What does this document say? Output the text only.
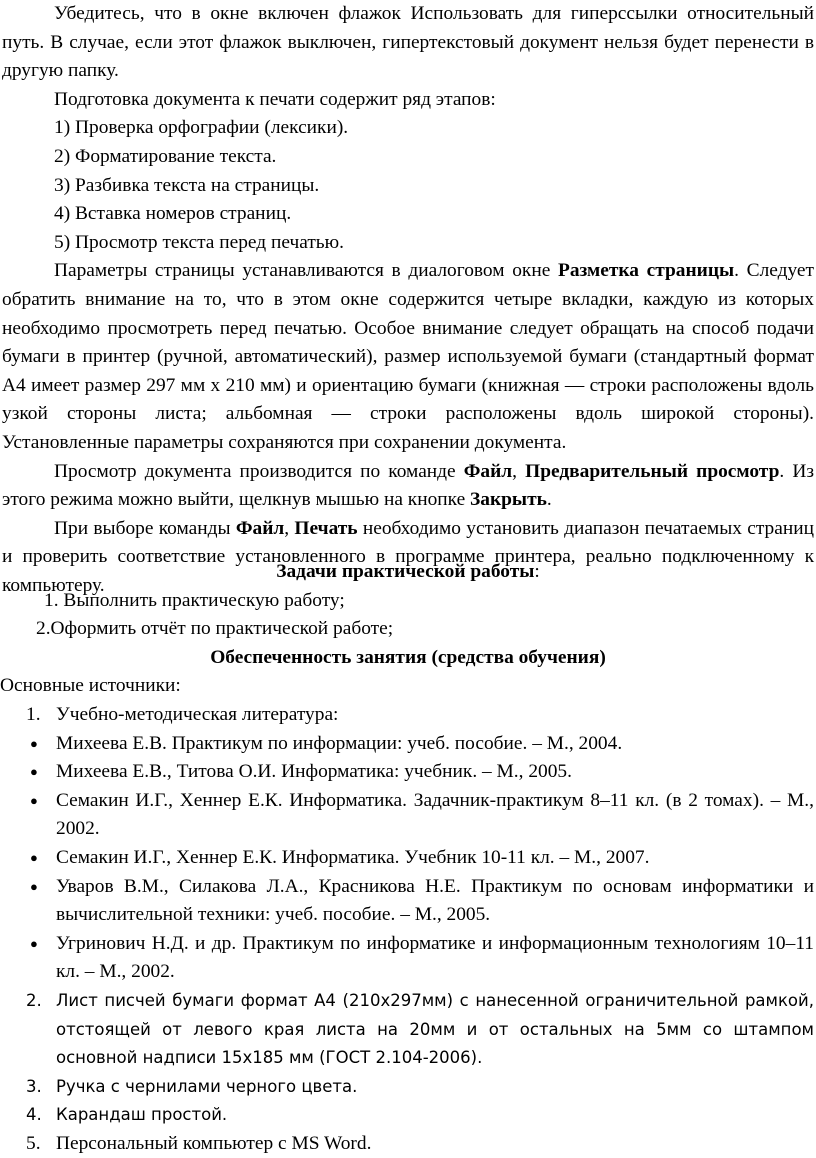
Убедитесь, что в окне включен флажок Использовать для гиперссылки относительный путь. В случае, если этот флажок выключен, гипертекстовый документ нельзя будет перенести в другую папку.

Подготовка документа к печати содержит ряд этапов:

1) Проверка орфографии (лексики).

2) Форматирование текста.

3) Разбивка текста на страницы.

4) Вставка номеров страниц.

5) Просмотр текста перед печатью.

Параметры страницы устанавливаются в диалоговом окне Разметка страницы. Следует обратить внимание на то, что в этом окне содержится четыре вкладки, каждую из которых необходимо просмотреть перед печатью. Особое внимание следует обращать на способ подачи бумаги в принтер (ручной, автоматический), размер используемой бумаги (стандартный формат А4 имеет размер 297 мм х 210 мм) и ориентацию бумаги (книжная — строки расположены вдоль узкой стороны листа; альбомная — строки расположены вдоль широкой стороны). Установленные параметры сохраняются при сохранении документа.

Просмотр документа производится по команде Файл, Предварительный просмотр. Из этого режима можно выйти, щелкнув мышью на кнопке Закрыть.

При выборе команды Файл, Печать необходимо установить диапазон печатаемых страниц и проверить соответствие установленного в программе принтера, реально подключенному к компьютеру.

Задачи практической работы:

1. Выполнить практическую работу;

2.Оформить отчёт по практической работе;

Обеспеченность занятия (средства обучения)

Основные источники:

1. Учебно-методическая литература:
● Михеева Е.В. Практикум по информации: учеб. пособие. – М., 2004.
● Михеева Е.В., Титова О.И. Информатика: учебник. – М., 2005.
● Семакин И.Г., Хеннер Е.К. Информатика. Задачник-практикум 8–11 кл. (в 2 томах). – М., 2002.
● Семакин И.Г., Хеннер Е.К. Информатика. Учебник 10-11 кл. – М., 2007.
● Уваров В.М., Силакова Л.А., Красникова Н.Е. Практикум по основам информатики и вычислительной техники: учеб. пособие. – М., 2005.
● Угринович Н.Д. и др. Практикум по информатике и информационным технологиям 10–11 кл. – М., 2002.
2. Лист писчей бумаги формат А4 (210х297мм) с нанесенной ограничительной рамкой, отстоящей от левого края листа на 20мм и от остальных на 5мм со штампом основной надписи 15х185 мм (ГОСТ 2.104-2006).
3. Ручка с чернилами черного цвета.
4. Карандаш простой.
5. Персональный компьютер с MS Word.
